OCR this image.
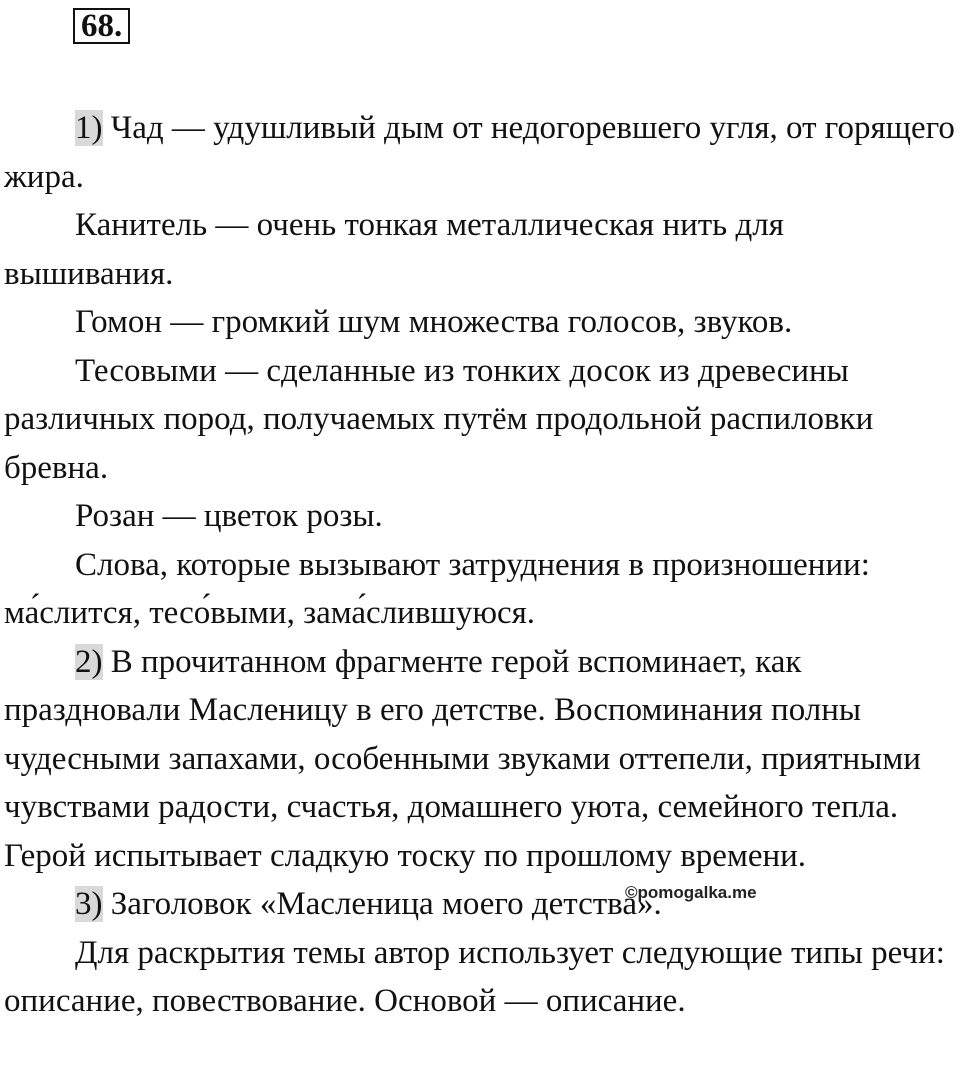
68.

1) Чад — удушливый дым от недогоревшего угля, от горящего жира.

Канитель — очень тонкая металлическая нить для вышивания.

Гомон — громкий шум множества голосов, звуков.

Тесовыми — сделанные из тонких досок из древесины различных пород, получаемых путём продольной распиловки бревна.

Розан — цветок розы.

Слова, которые вызывают затруднения в произношении: ма́слится, тесо́выми, зама́слившуюся.

2) В прочитанном фрагменте герой вспоминает, как праздновали Масленицу в его детстве. Воспоминания полны чудесными запахами, особенными звуками оттепели, приятными чувствами радости, счастья, домашнего уюта, семейного тепла. Герой испытывает сладкую тоску по прошлому времени.

3) Заголовок «Масленица моего детства».

Для раскрытия темы автор использует следующие типы речи: описание, повествование. Основой — описание.

©pomogalka.me
